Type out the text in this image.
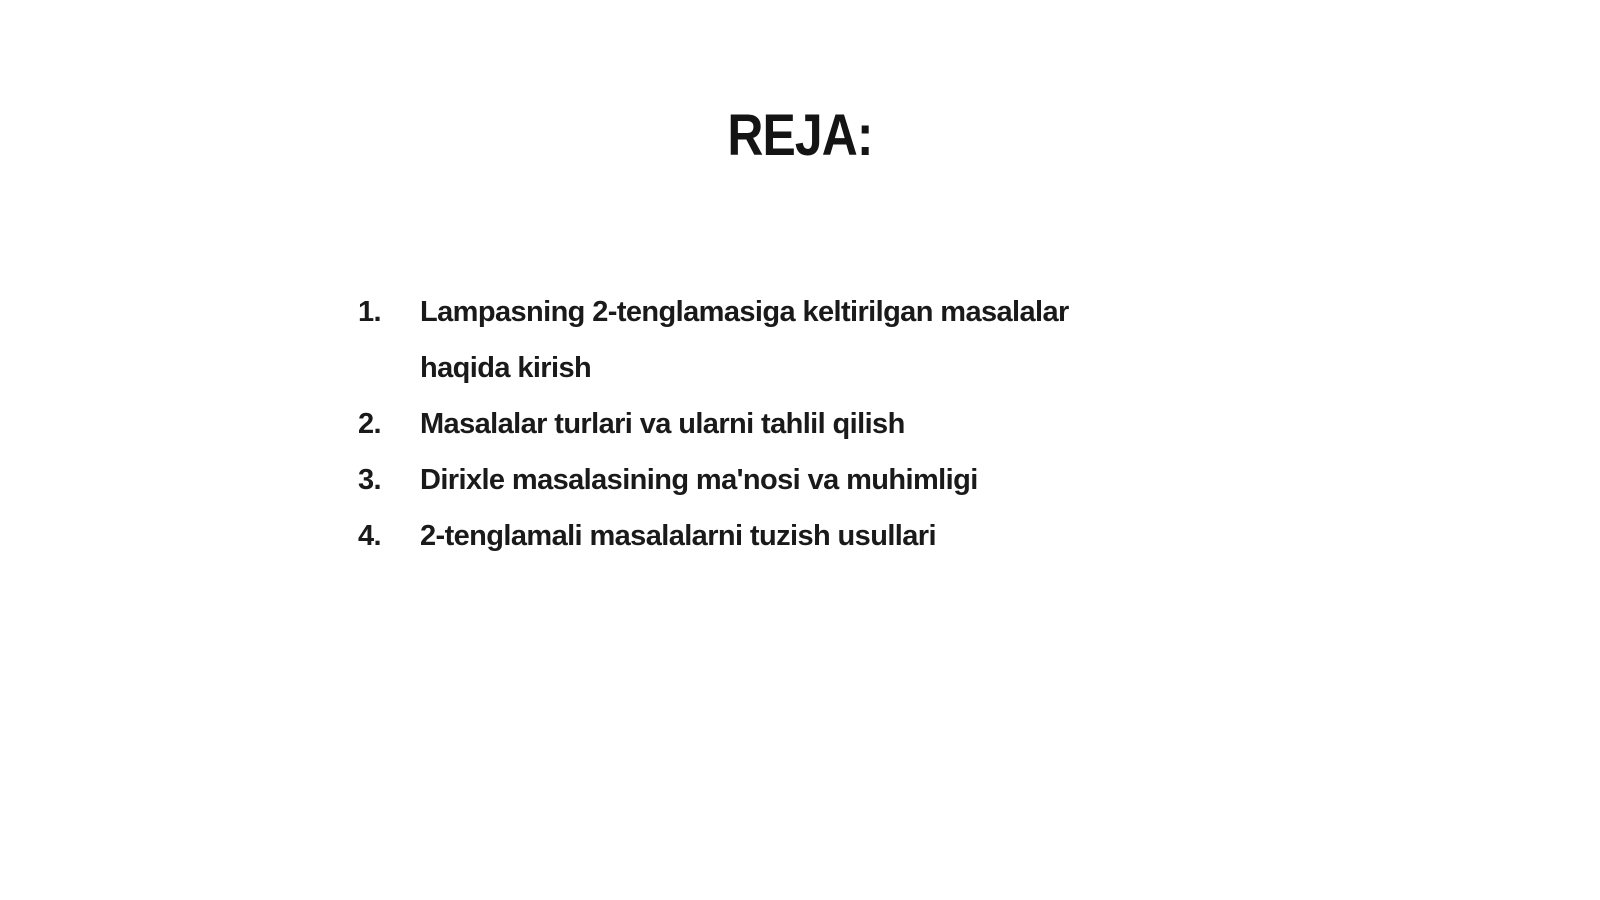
REJA:
1.	Lampasning 2-tenglamasiga keltirilgan masalalar haqida kirish
2.	Masalalar turlari va ularni tahlil qilish
3.	Dirixle masalasining ma'nosi va muhimligi
4.	2-tenglamali masalalarni tuzish usullari
